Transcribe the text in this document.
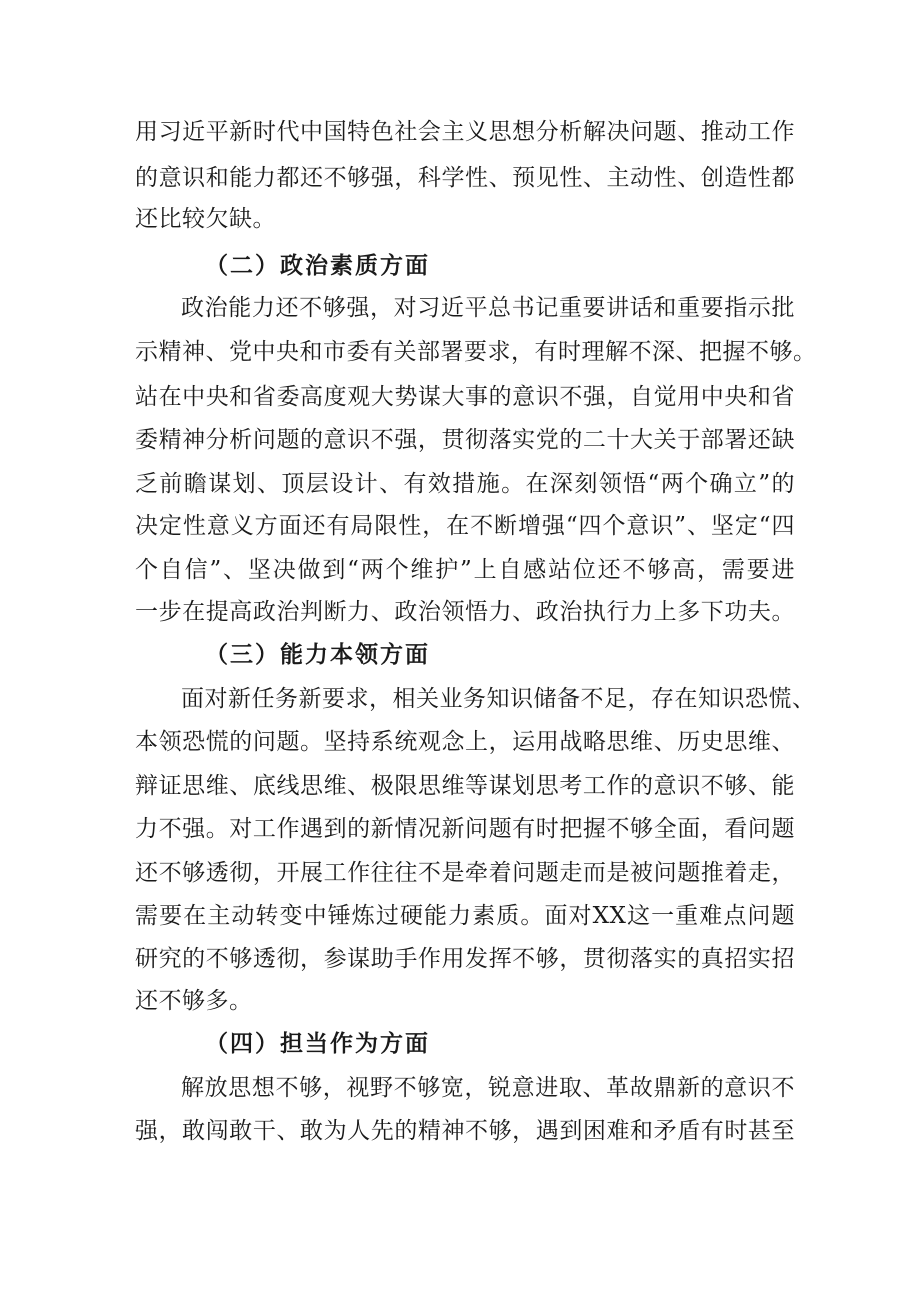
用习近平新时代中国特色社会主义思想分析解决问题、推动工作
的意识和能力都还不够强，科学性、预见性、主动性、创造性都
还比较欠缺。
（二）政治素质方面
政治能力还不够强，对习近平总书记重要讲话和重要指示批
示精神、党中央和市委有关部署要求，有时理解不深、把握不够。
站在中央和省委高度观大势谋大事的意识不强，自觉用中央和省
委精神分析问题的意识不强，贯彻落实党的二十大关于部署还缺
乏前瞻谋划、顶层设计、有效措施。在深刻领悟“两个确立”的
决定性意义方面还有局限性，在不断增强“四个意识”、坚定“四
个自信”、坚决做到“两个维护”上自感站位还不够高，需要进
一步在提高政治判断力、政治领悟力、政治执行力上多下功夫。
（三）能力本领方面
面对新任务新要求，相关业务知识储备不足，存在知识恐慌、
本领恐慌的问题。坚持系统观念上，运用战略思维、历史思维、
辩证思维、底线思维、极限思维等谋划思考工作的意识不够、能
力不强。对工作遇到的新情况新问题有时把握不够全面，看问题
还不够透彻，开展工作往往不是牵着问题走而是被问题推着走，
需要在主动转变中锤炼过硬能力素质。面对XX这一重难点问题
研究的不够透彻，参谋助手作用发挥不够，贯彻落实的真招实招
还不够多。
（四）担当作为方面
解放思想不够，视野不够宽，锐意进取、革故鼎新的意识不
强，敢闯敢干、敢为人先的精神不够，遇到困难和矛盾有时甚至
